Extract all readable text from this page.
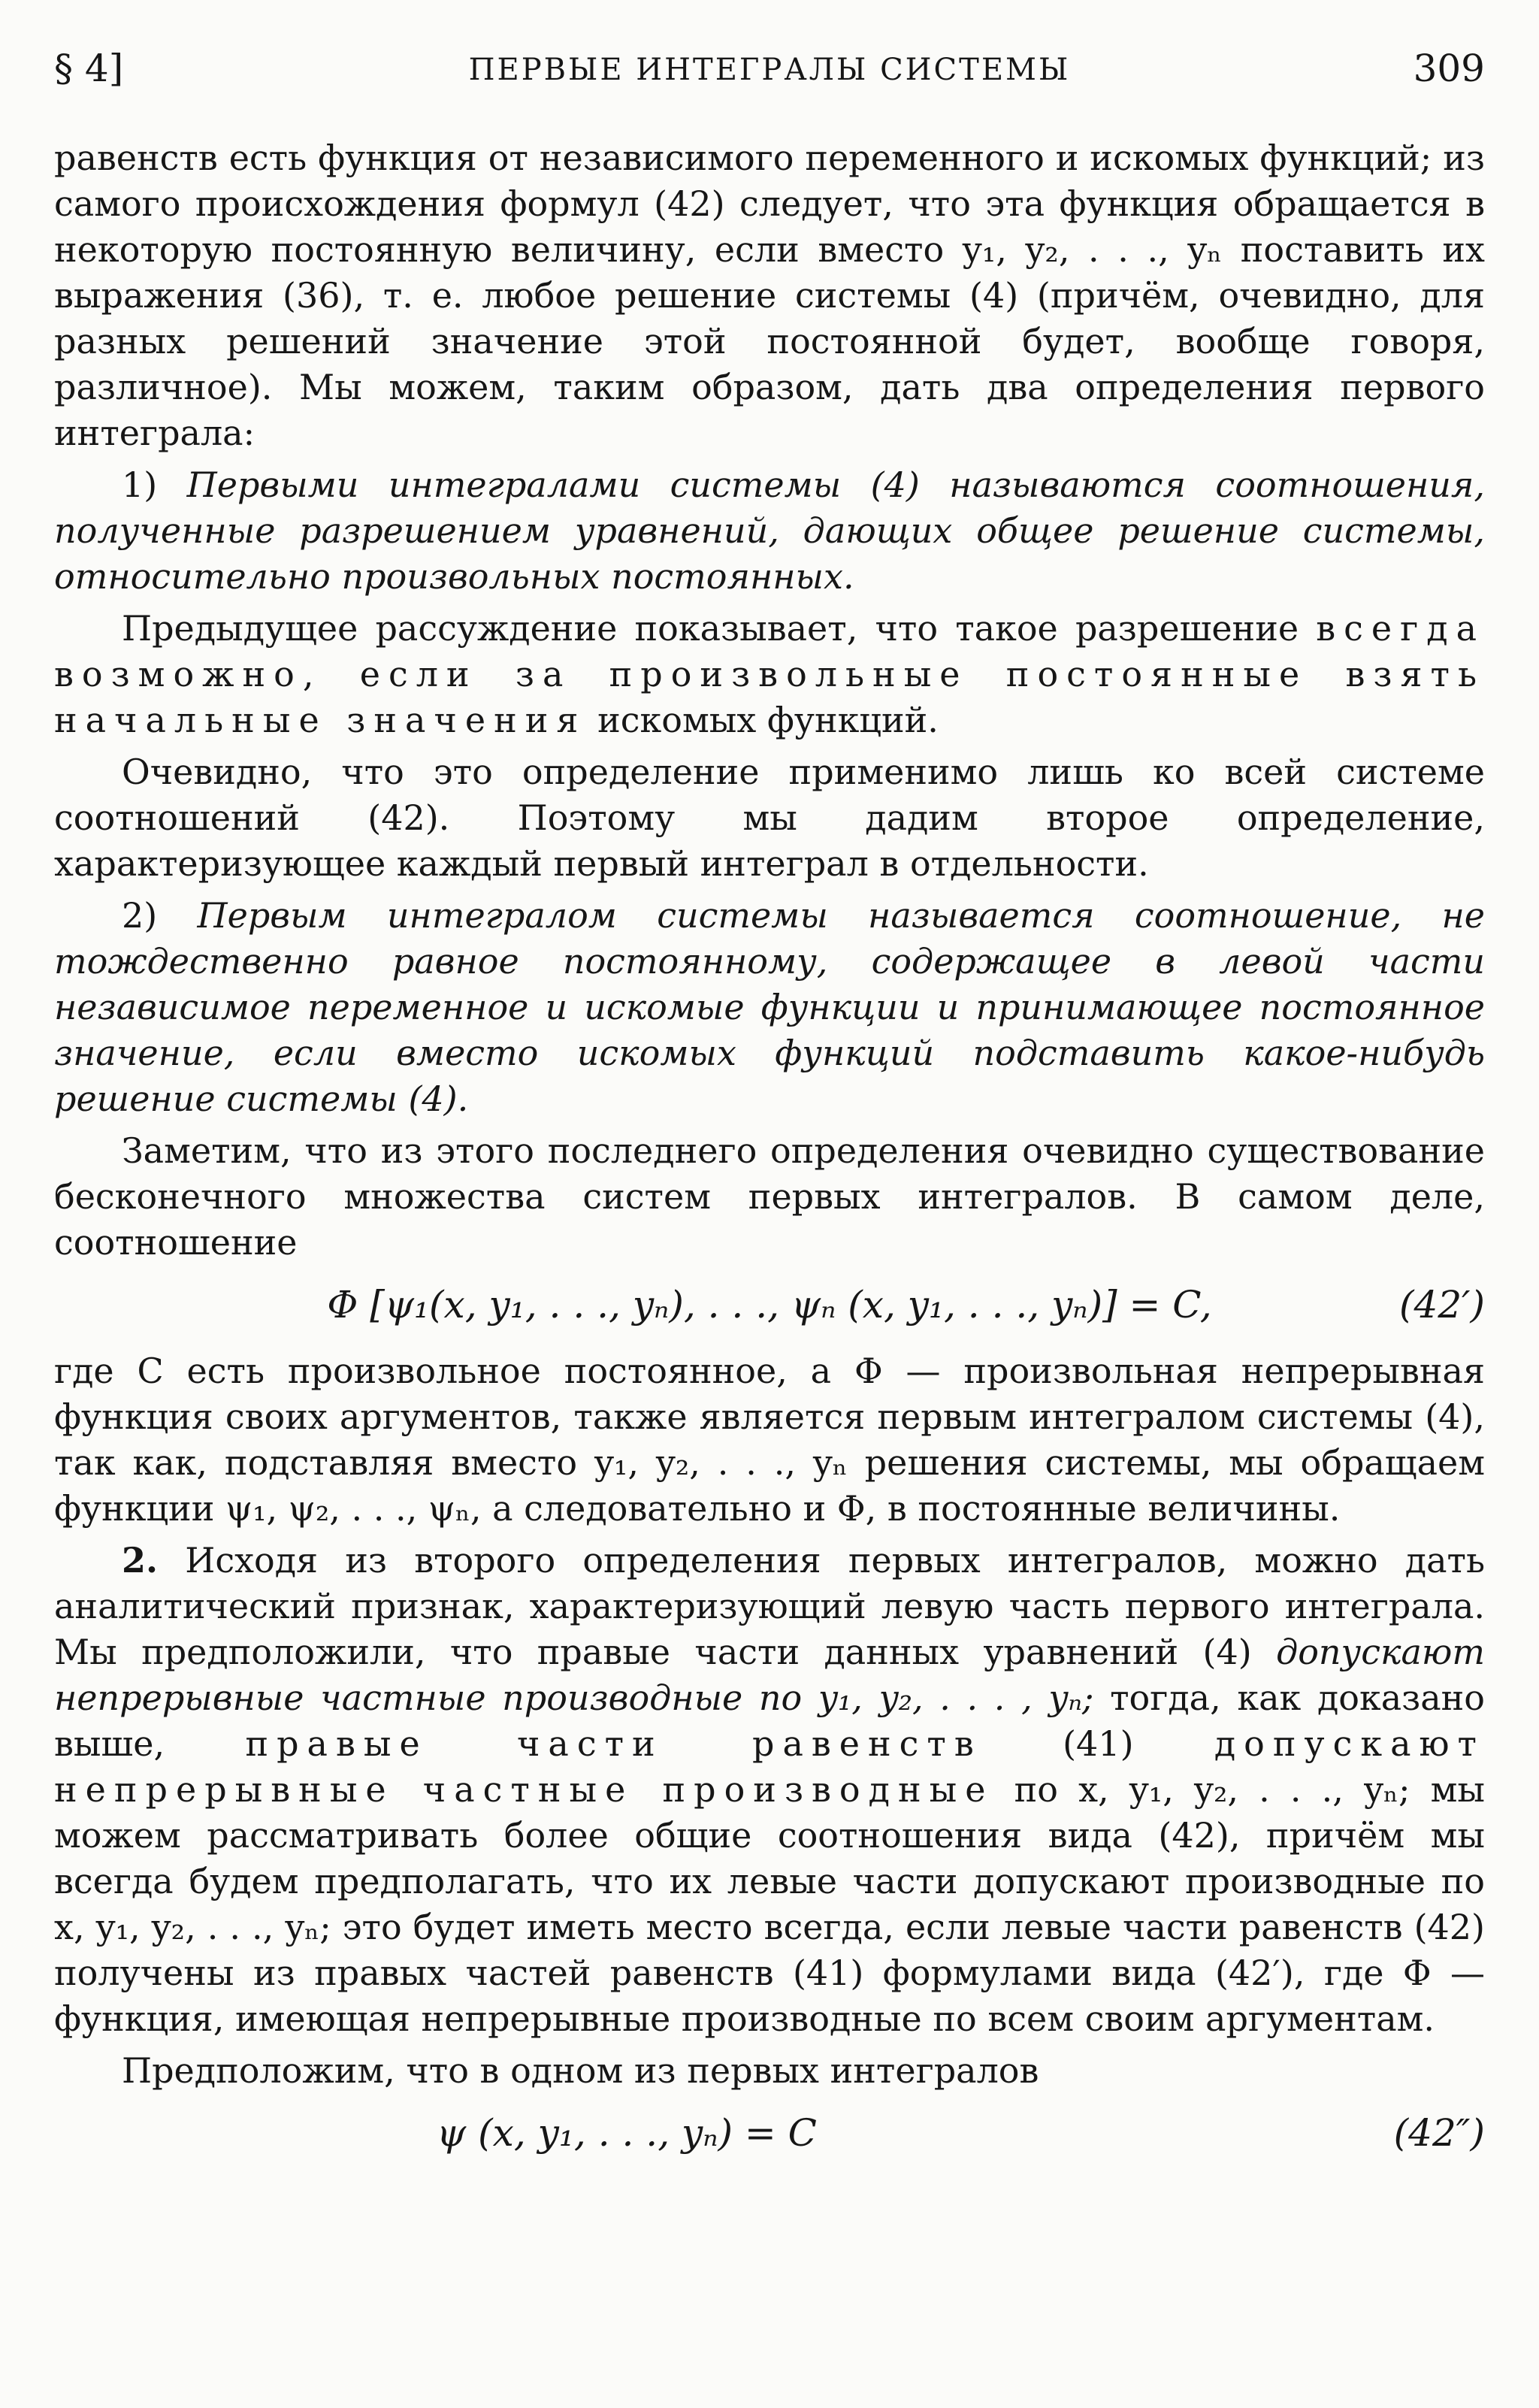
§ 4]	ПЕРВЫЕ ИНТЕГРАЛЫ СИСТЕМЫ	309

равенств есть функция от независимого переменного и искомых функций; из самого происхождения формул (42) следует, что эта функция обращается в некоторую постоянную величину, если вместо y₁, y₂, . . ., yₙ поставить их выражения (36), т. е. любое решение системы (4) (причём, очевидно, для разных решений значение этой постоянной будет, вообще говоря, различное). Мы можем, таким образом, дать два определения первого интеграла:

1) Первыми интегралами системы (4) называются соотношения, полученные разрешением уравнений, дающих общее решение системы, относительно произвольных постоянных.

Предыдущее рассуждение показывает, что такое разрешение всегда возможно, если за произвольные постоянные взять начальные значения искомых функций.

Очевидно, что это определение применимо лишь ко всей системе соотношений (42). Поэтому мы дадим второе определение, характеризующее каждый первый интеграл в отдельности.

2) Первым интегралом системы называется соотношение, не тождественно равное постоянному, содержащее в левой части независимое переменное и искомые функции и принимающее постоянное значение, если вместо искомых функций подставить какое-нибудь решение системы (4).

Заметим, что из этого последнего определения очевидно существование бесконечного множества систем первых интегралов. В самом деле, соотношение

Φ [ψ₁(x, y₁, . . ., yₙ), . . ., ψₙ (x, y₁, . . ., yₙ)] = C,	(42′)

где C есть произвольное постоянное, а Φ — произвольная непрерывная функция своих аргументов, также является первым интегралом системы (4), так как, подставляя вместо y₁, y₂, . . ., yₙ решения системы, мы обращаем функции ψ₁, ψ₂, . . ., ψₙ, а следовательно и Φ, в постоянные величины.

2. Исходя из второго определения первых интегралов, можно дать аналитический признак, характеризующий левую часть первого интеграла. Мы предположили, что правые части данных уравнений (4) допускают непрерывные частные производные по y₁, y₂, . . . , yₙ; тогда, как доказано выше, правые части равенств (41) допускают непрерывные частные производные по x, y₁, y₂, . . ., yₙ; мы можем рассматривать более общие соотношения вида (42), причём мы всегда будем предполагать, что их левые части допускают производные по x, y₁, y₂, . . ., yₙ; это будет иметь место всегда, если левые части равенств (42) получены из правых частей равенств (41) формулами вида (42′), где Φ — функция, имеющая непрерывные производные по всем своим аргументам.

Предположим, что в одном из первых интегралов

ψ (x, y₁, . . ., yₙ) = C	(42″)
